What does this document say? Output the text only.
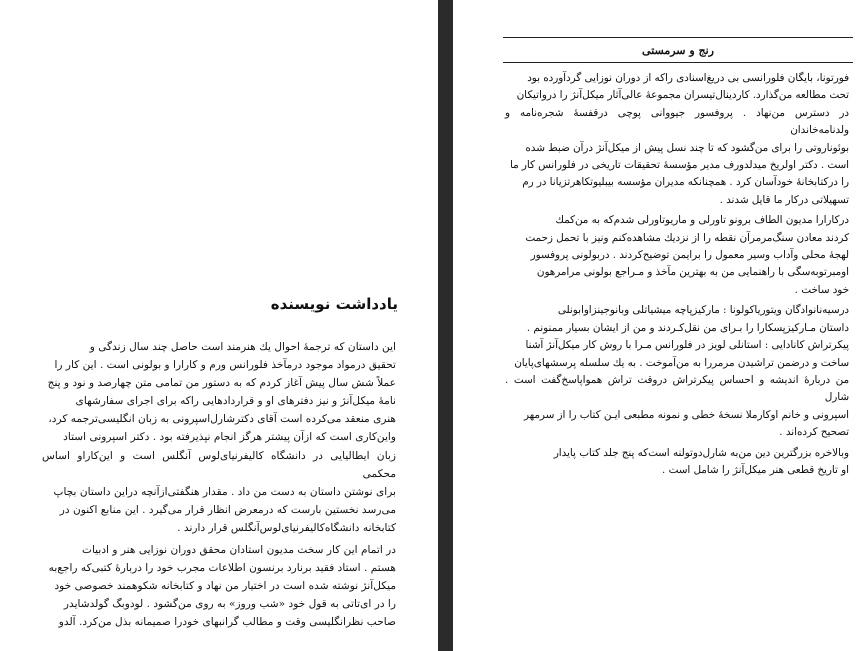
یادداشت نویسنده

این داستان که ترجمهٔ احوال یك هنرمند است حاصل چند سال زندگی و
تحقیق درمواد موجود درمآخذ فلورانس ورم و کارارا و بولونی است . این کار را
عملاً شش سال پیش آغاز کردم که به دستور من تمامی متن چهارصد و نود و پنج
نامهٔ میکل‌آنژ و نیز دفترهای او و قراردادهایی راکه برای اجرای سفارشهای
هنری منعقد می‌کرده است آقای دکترشارل‌اسپرونی به زبان انگلیسی‌ترجمه کرد،
واین‌کاری است که ازآن پیشتر هرگز انجام نپذیرفته بود . دکتر اسپرونی استاد
زبان ایطالیایی در دانشگاه کالیفرنیای‌لوس آنگلس است و این‌کاراو اساس محکمی
برای نوشتن داستان به دست من داد . مقدار هنگفتی‌ازآنچه دراین داستان بچاپ
می‌رسد نخستین بارست که درمعرض انظار قرار می‌گیرد . این منابع اکنون در
کتابخانه دانشگاه‌کالیفرنیای‌لوس‌آنگلس قرار دارند .

در اتمام این کار سخت مدیون استادان محقق دوران نوزایی هنر و ادبیات
هستم . استاد فقید برنارد برنسون اطلاعات مجرب خود را دربارهٔ کتبی‌که راجع‌به
میکل‌آنژ نوشته شده است در اختیار من نهاد و کتابخانه شکوهمند خصوصی خود
را در اى‌تاتی به قول خود «شب وروز» به روی من‌گشود . لودوبگ‌ گولدشایدر
صاحب نظرانگلیسی وقت و مطالب گرانبهای خودرا صمیمانه بذل من‌کرد. آلدو

رنج و سرمستی

فورتونا، بایگان فلورانسی بی دریغ‌اسنادی راکه از دوران نوزایی گردآورده بود
تحت مطالعه من‌گذارد. کاردینال‌تیسران مجموعهٔ عالی‌آثار میکل‌آنژ را درواتیکان
در دسترس من‌نهاد . پروفسور جیووانی پوچی درقفسهٔ شجره‌نامه و ولدنامه‌خاندان
بوئوناروتی را برای من‌گشود که تا چند نسل پیش از میکل‌آنژ درآن ضبط شده
است . دکتر اولریخ میدلدورف مدیر مؤسسهٔ تحقیقات تاریخی در فلورانس کار ما
را درکتابخانهٔ خودآسان کرد . همچنانکه مدیران مؤسسه بیبلیوتکاهرتزیانا در رم
تسهیلاتی درکار ما قایل شدند .

درکارارا مدیون الطاف برونو تاورلی و ماریوتاورلی شدم‌که به من‌کمك
کردند معادن سنگ‌مرمرآن نقطه را از نزدیك مشاهده‌کنم ونیز با تحمل زحمت
لهجهٔ محلی وآداب وسیر معمول را برایمن توضیح‌کردند . دربولونی پروفسور
اومبرتوبه‌سگی با راهنمایی من به بهترین مآخذ و مـراجع بولونی مرامرهون
خود ساخت .

درسیه‌نانوادگان ویتوریاکولونا : مارکیزپاچه میشیاتلی وبانوجینزاوابونلی
داستان مـارکیزپسکارا را بـرای من نقل‌کـردند و من از ایشان بسیار ممنونم .
پیکرتراش کانادایی : استانلی لویز در فلورانس مـرا با روش کار میکل‌آنژ آشنا
ساخت و درضمن تراشیدن مرمررا به من‌آموخت . به یك سلسله پرسشهای‌پایان
من دربارهٔ اندیشه و احساس پیکرتراش دروقت تراش همواپاسخ‌گفت است . شارل
اسپرونی و خانم اوکارملا نسخهٔ خطی و نمونه مطبعی ایـن کتاب را از سرمهر
تصحیح کرده‌اند .

وبالاخره بزرگترین دین من‌به شارل‌دوتولنه است‌که پنج جلد کتاب پایدار
او تاریخ قطعی هنر میکل‌آنژ را شامل است .
